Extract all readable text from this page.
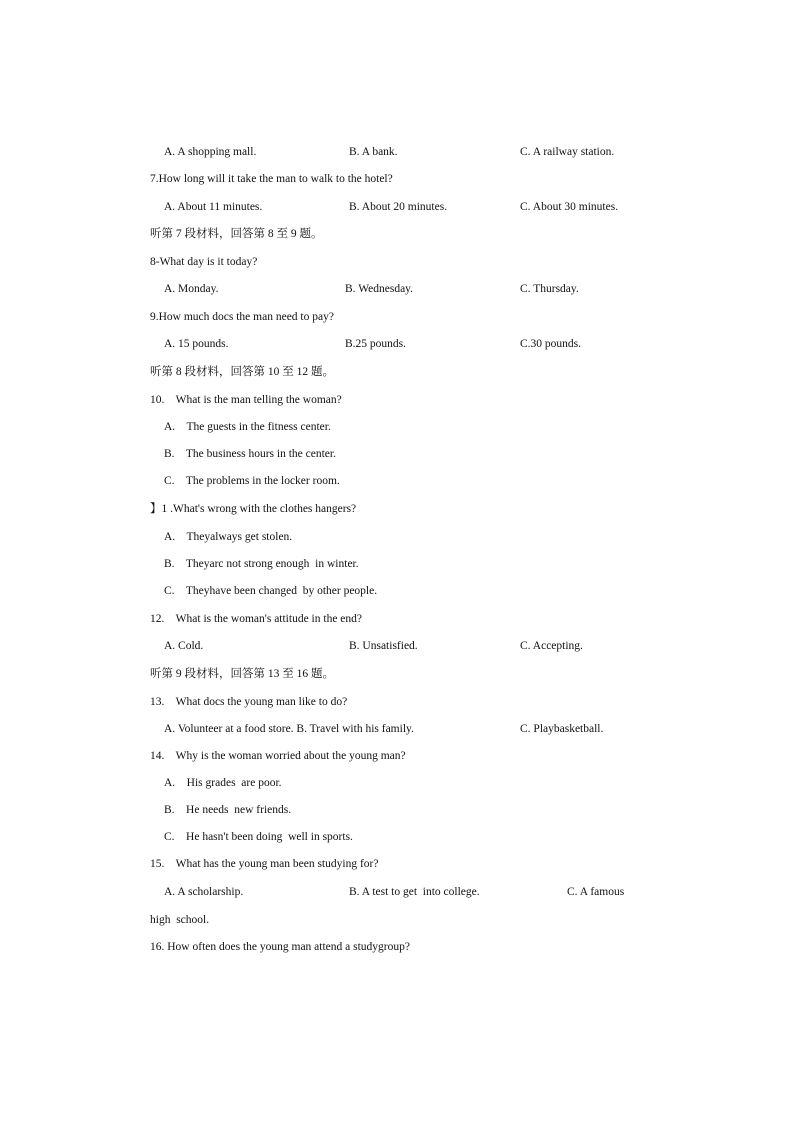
A. A shopping mall.	B. A bank.	C. A railway station.
7.How long will it take the man to walk to the hotel?
A. About 11 minutes.	B. About 20 minutes.	C. About 30 minutes.
听第 7 段材料，回答第 8 至 9 题。
8-What day is it today?
A. Monday.	B. Wednesday.	C. Thursday.
9.How much docs the man need to pay?
A. 15 pounds.	B.25 pounds.	C.30 pounds.
听第 8 段材料，回答第 10 至 12 题。
10.    What is the man telling the woman?
A.    The guests in the fitness center.
B.    The business hours in the center.
C.    The problems in the locker room.
】1 .What's wrong with the clothes hangers?
A.    Theyalways get stolen.
B.    Theyarc not strong enough  in winter.
C.    Theyhave been changed  by other people.
12.    What is the woman's attitude in the end?
A. Cold.	B. Unsatisfied.	C. Accepting.
听第 9 段材料，回答第 13 至 16 题。
13.    What docs the young man like to do?
A. Volunteer at a food store. B. Travel with his family.	C. Playbasketball.
14.    Why is the woman worried about the young man?
A.    His grades  are poor.
B.    He needs  new friends.
C.    He hasn't been doing  well in sports.
15.    What has the young man been studying for?
A. A scholarship.	B. A test to get  into college.	C. A famous
high  school.
16. How often does the young man attend a studygroup?
